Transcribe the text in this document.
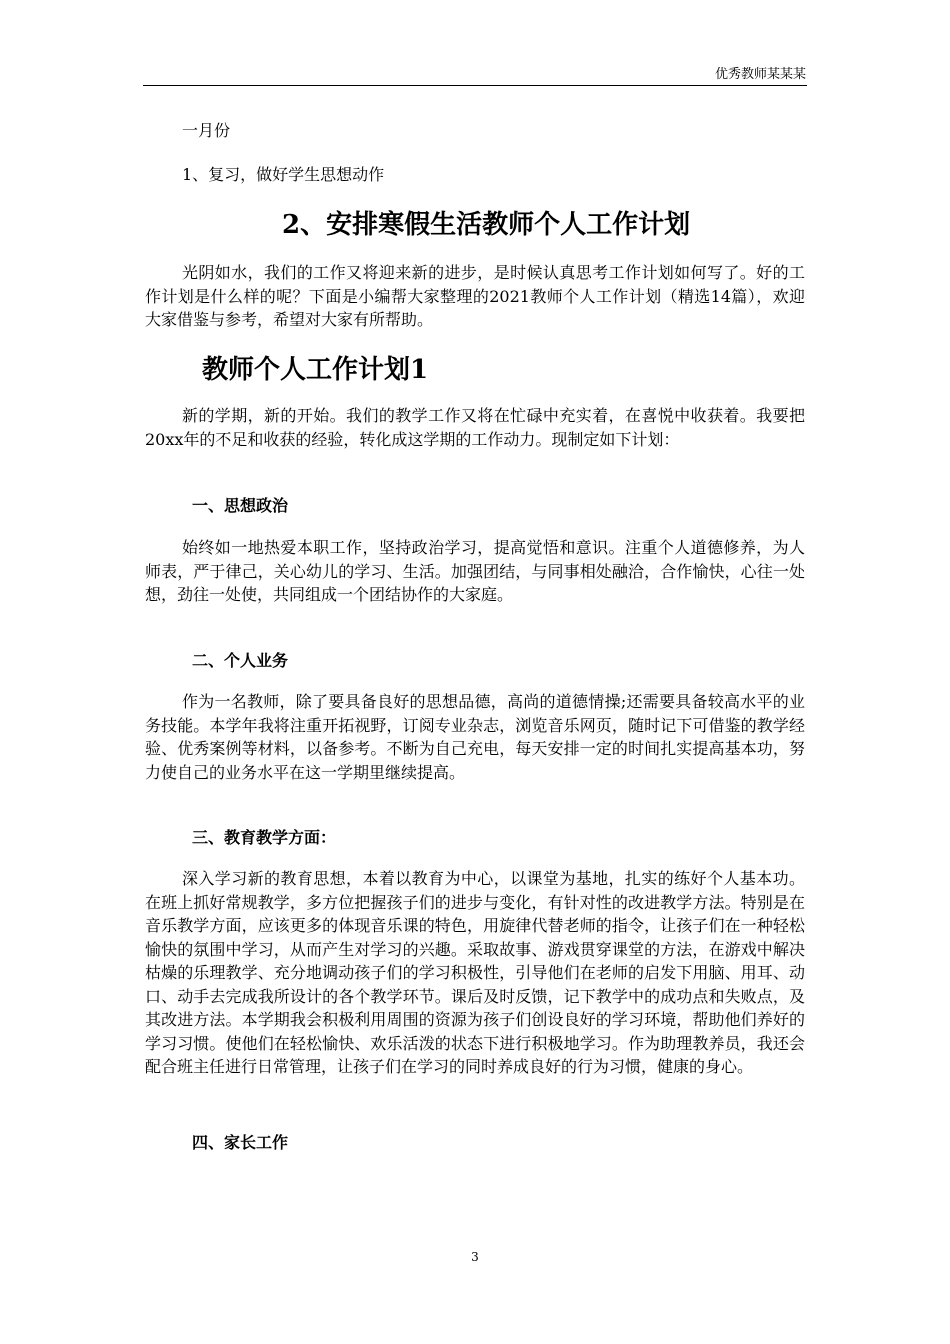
优秀教师某某某

一月份

1、复习，做好学生思想动作

2、安排寒假生活教师个人工作计划

光阴如水，我们的工作又将迎来新的进步，是时候认真思考工作计划如何写了。好的工作计划是什么样的呢？下面是小编帮大家整理的2021教师个人工作计划（精选14篇），欢迎大家借鉴与参考，希望对大家有所帮助。

教师个人工作计划1

新的学期，新的开始。我们的教学工作又将在忙碌中充实着，在喜悦中收获着。我要把20xx年的不足和收获的经验，转化成这学期的工作动力。现制定如下计划：

一、思想政治

始终如一地热爱本职工作，坚持政治学习，提高觉悟和意识。注重个人道德修养，为人师表，严于律己，关心幼儿的学习、生活。加强团结，与同事相处融洽，合作愉快，心往一处想，劲往一处使，共同组成一个团结协作的大家庭。

二、个人业务

作为一名教师，除了要具备良好的思想品德，高尚的道德情操;还需要具备较高水平的业务技能。本学年我将注重开拓视野，订阅专业杂志，浏览音乐网页，随时记下可借鉴的教学经验、优秀案例等材料，以备参考。不断为自己充电，每天安排一定的时间扎实提高基本功，努力使自己的业务水平在这一学期里继续提高。

三、教育教学方面：

深入学习新的教育思想，本着以教育为中心，以课堂为基地，扎实的练好个人基本功。在班上抓好常规教学，多方位把握孩子们的进步与变化，有针对性的改进教学方法。特别是在音乐教学方面，应该更多的体现音乐课的特色，用旋律代替老师的指令，让孩子们在一种轻松愉快的氛围中学习，从而产生对学习的兴趣。采取故事、游戏贯穿课堂的方法，在游戏中解决枯燥的乐理教学、充分地调动孩子们的学习积极性，引导他们在老师的启发下用脑、用耳、动口、动手去完成我所设计的各个教学环节。课后及时反馈，记下教学中的成功点和失败点，及其改进方法。本学期我会积极利用周围的资源为孩子们创设良好的学习环境，帮助他们养好的学习习惯。使他们在轻松愉快、欢乐活泼的状态下进行积极地学习。作为助理教养员，我还会配合班主任进行日常管理，让孩子们在学习的同时养成良好的行为习惯，健康的身心。

四、家长工作
3
